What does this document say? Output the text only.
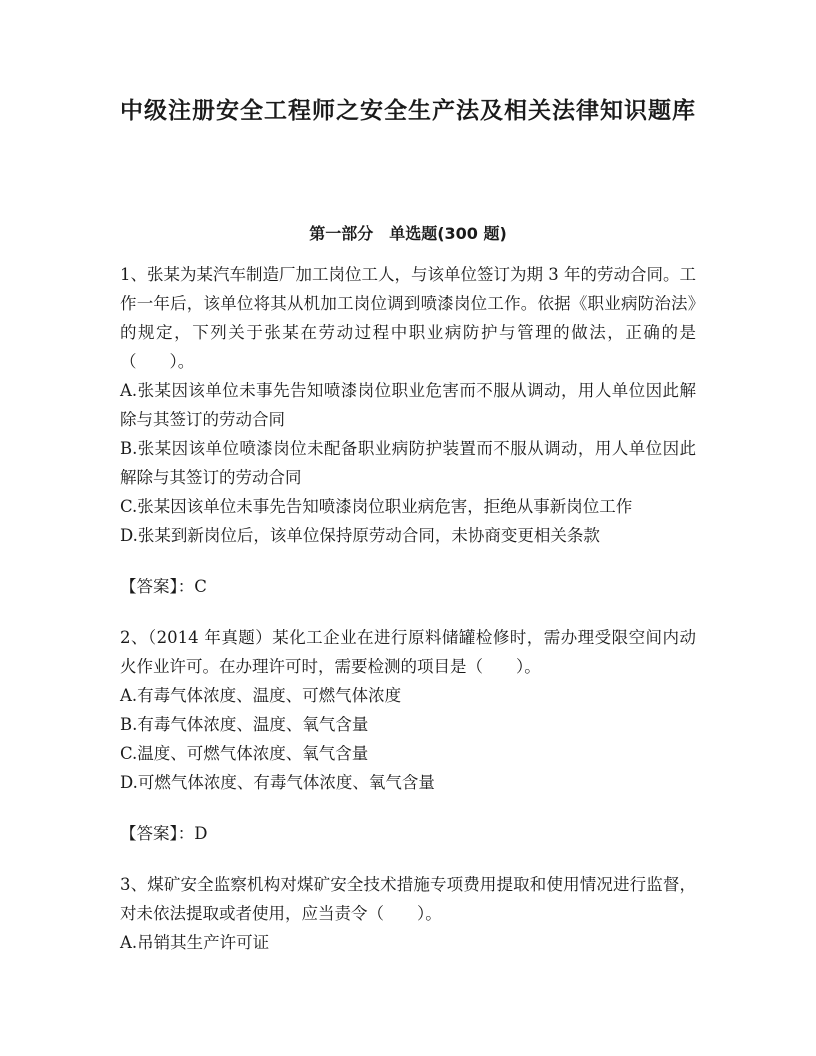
中级注册安全工程师之安全生产法及相关法律知识题库
第一部分　单选题(300 题)

1、张某为某汽车制造厂加工岗位工人，与该单位签订为期 3 年的劳动合同。工作一年后，该单位将其从机加工岗位调到喷漆岗位工作。依据《职业病防治法》的规定，下列关于张某在劳动过程中职业病防护与管理的做法，正确的是（　　）。

A.张某因该单位未事先告知喷漆岗位职业危害而不服从调动，用人单位因此解除与其签订的劳动合同

B.张某因该单位喷漆岗位未配备职业病防护装置而不服从调动，用人单位因此解除与其签订的劳动合同

C.张某因该单位未事先告知喷漆岗位职业病危害，拒绝从事新岗位工作

D.张某到新岗位后，该单位保持原劳动合同，未协商变更相关条款

【答案】：C

2、（2014 年真题）某化工企业在进行原料储罐检修时，需办理受限空间内动火作业许可。在办理许可时，需要检测的项目是（　　）。

A.有毒气体浓度、温度、可燃气体浓度

B.有毒气体浓度、温度、氧气含量

C.温度、可燃气体浓度、氧气含量

D.可燃气体浓度、有毒气体浓度、氧气含量

【答案】：D

3、煤矿安全监察机构对煤矿安全技术措施专项费用提取和使用情况进行监督，对未依法提取或者使用，应当责令（　　）。

A.吊销其生产许可证
